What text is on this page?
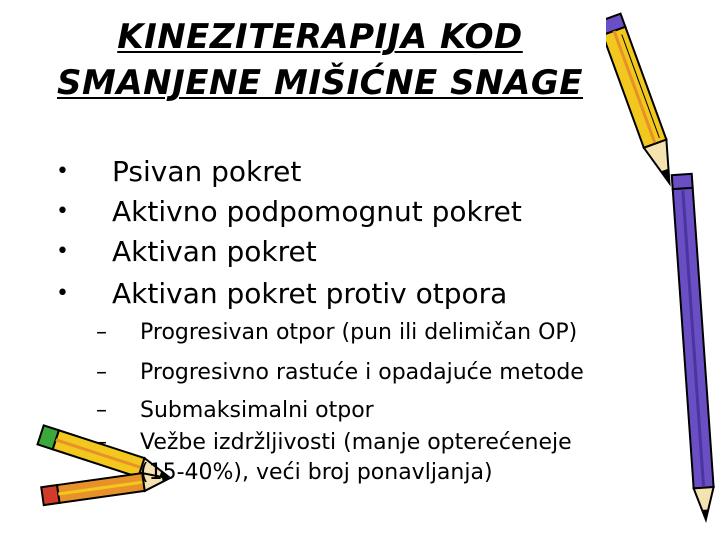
KINEZITERAPIJA KOD
SMANJENE MIŠIĆNE SNAGE
• Psivan pokret
• Aktivno podpomognut pokret
• Aktivan pokret
• Aktivan pokret protiv otpora
– Progresivan otpor (pun ili delimičan OP)
– Progresivno rastuće i opadajuće metode
– Submaksimalni otpor
– Vežbe izdržljivosti (manje opterećeneje
(15-40%), veći broj ponavljanja)
